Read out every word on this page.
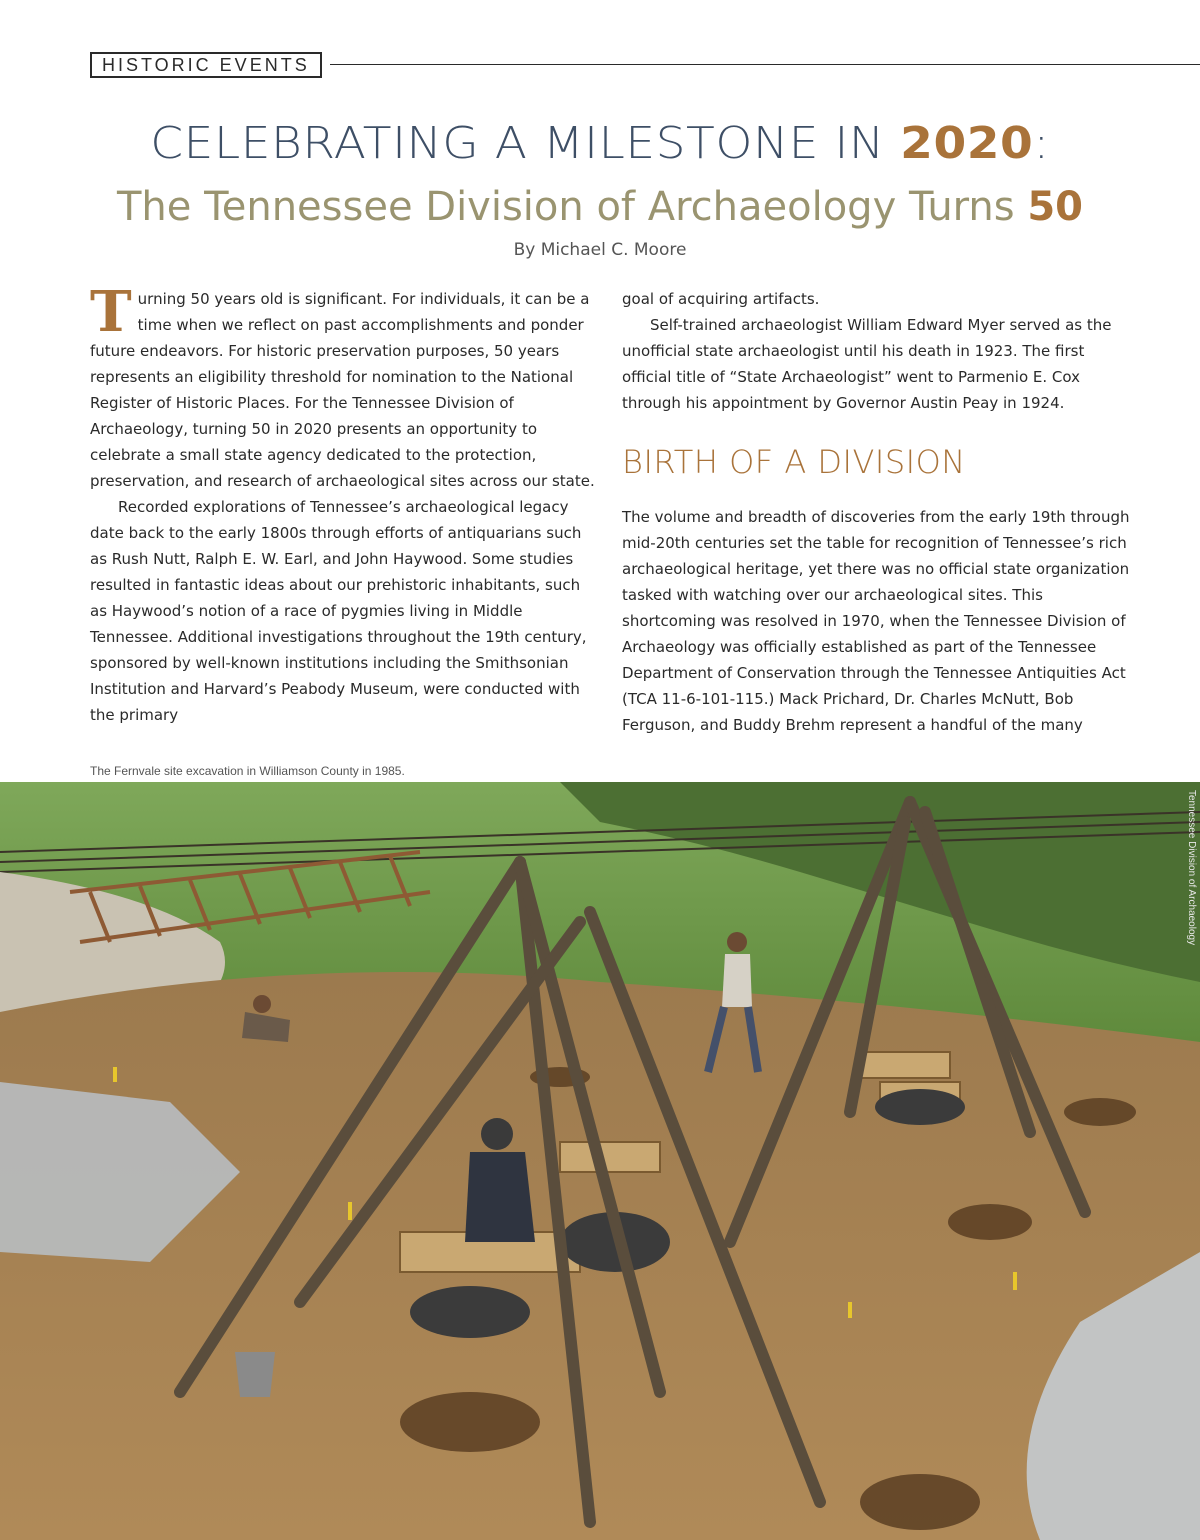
HISTORIC EVENTS
CELEBRATING A MILESTONE IN 2020:
The Tennessee Division of Archaeology Turns 50
By Michael C. Moore

Turning 50 years old is significant. For individuals, it can be a time when we reflect on past accomplishments and ponder future endeavors. For historic preservation purposes, 50 years represents an eligibility threshold for nomination to the National Register of Historic Places. For the Tennessee Division of Archaeology, turning 50 in 2020 presents an opportunity to celebrate a small state agency dedicated to the protection, preservation, and research of archaeological sites across our state.

Recorded explorations of Tennessee’s archaeological legacy date back to the early 1800s through efforts of antiquarians such as Rush Nutt, Ralph E. W. Earl, and John Haywood. Some studies resulted in fantastic ideas about our prehistoric inhabitants, such as Haywood’s notion of a race of pygmies living in Middle Tennessee. Additional investigations throughout the 19th century, sponsored by well-known institutions including the Smithsonian Institution and Harvard’s Peabody Museum, were conducted with the primary

goal of acquiring artifacts.

Self-trained archaeologist William Edward Myer served as the unofficial state archaeologist until his death in 1923. The first official title of “State Archaeologist” went to Parmenio E. Cox through his appointment by Governor Austin Peay in 1924.

BIRTH OF A DIVISION

The volume and breadth of discoveries from the early 19th through mid-20th centuries set the table for recognition of Tennessee’s rich archaeological heritage, yet there was no official state organization tasked with watching over our archaeological sites. This shortcoming was resolved in 1970, when the Tennessee Division of Archaeology was officially established as part of the Tennessee Department of Conservation through the Tennessee Antiquities Act (TCA 11-6-101-115.) Mack Prichard, Dr. Charles McNutt, Bob Ferguson, and Buddy Brehm represent a handful of the many

The Fernvale site excavation in Williamson County in 1985.
Tennessee Division of Archaeology
